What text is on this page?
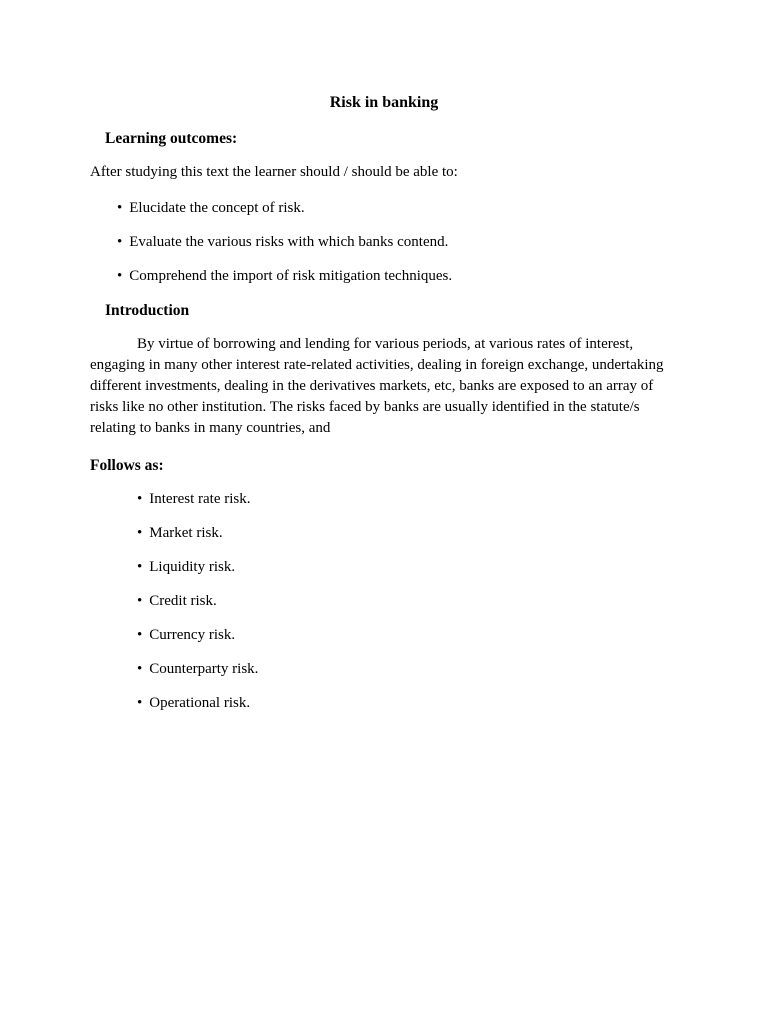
Risk in banking
Learning outcomes:

After studying this text the learner should / should be able to:

• Elucidate the concept of risk.
• Evaluate the various risks with which banks contend.
• Comprehend the import of risk mitigation techniques.
Introduction

By virtue of borrowing and lending for various periods, at various rates of interest, engaging in many other interest rate-related activities, dealing in foreign exchange, undertaking different investments, dealing in the derivatives markets, etc, banks are exposed to an array of risks like no other institution. The risks faced by banks are usually identified in the statute/s relating to banks in many countries, and

Follows as:
• Interest rate risk.
• Market risk.
• Liquidity risk.
• Credit risk.
• Currency risk.
• Counterparty risk.
• Operational risk.
